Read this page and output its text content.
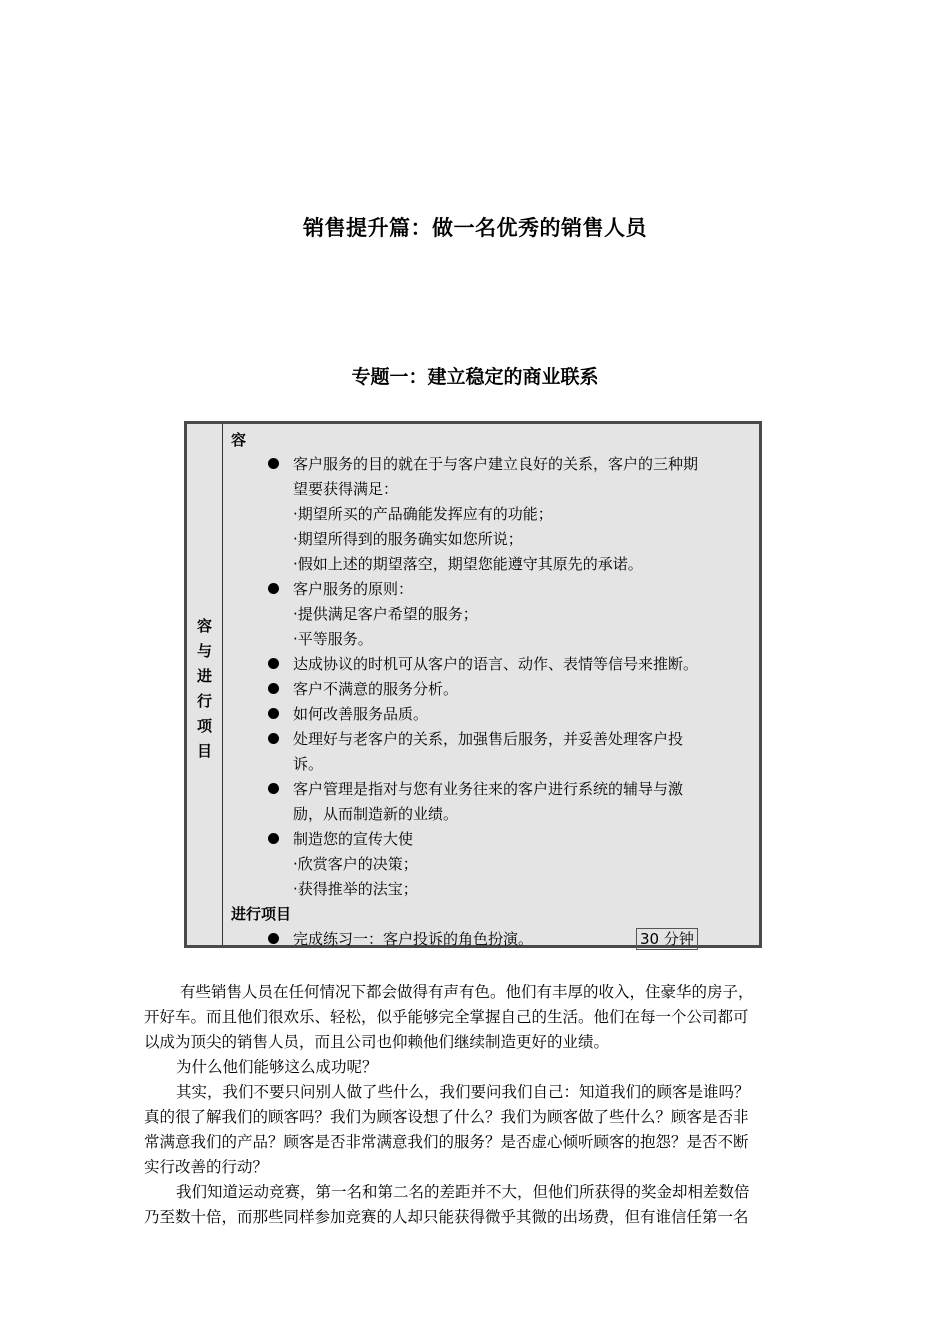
销售提升篇：做一名优秀的销售人员
专题一：建立稳定的商业联系
容
与
进
行
项
目
容
客户服务的目的就在于与客户建立良好的关系，客户的三种期
望要获得满足：
·期望所买的产品确能发挥应有的功能；
·期望所得到的服务确实如您所说；
·假如上述的期望落空，期望您能遵守其原先的承诺。
客户服务的原则：
·提供满足客户希望的服务；
·平等服务。
达成协议的时机可从客户的语言、动作、表情等信号来推断。
客户不满意的服务分析。
如何改善服务品质。
处理好与老客户的关系，加强售后服务，并妥善处理客户投
诉。
客户管理是指对与您有业务往来的客户进行系统的辅导与激
励，从而制造新的业绩。
制造您的宣传大使
·欣赏客户的决策；
·获得推举的法宝；
进行项目
完成练习一：客户投诉的角色扮演。	30 分钟
有些销售人员在任何情况下都会做得有声有色。他们有丰厚的收入，住豪华的房子，
开好车。而且他们很欢乐、轻松，似乎能够完全掌握自己的生活。他们在每一个公司都可
以成为顶尖的销售人员，而且公司也仰赖他们继续制造更好的业绩。
为什么他们能够这么成功呢？
其实，我们不要只问别人做了些什么，我们要问我们自己：知道我们的顾客是谁吗？
真的很了解我们的顾客吗？我们为顾客设想了什么？我们为顾客做了些什么？顾客是否非
常满意我们的产品？顾客是否非常满意我们的服务？是否虚心倾听顾客的抱怨？是否不断
实行改善的行动？
我们知道运动竞赛，第一名和第二名的差距并不大，但他们所获得的奖金却相差数倍
乃至数十倍，而那些同样参加竞赛的人却只能获得微乎其微的出场费，但有谁信任第一名
